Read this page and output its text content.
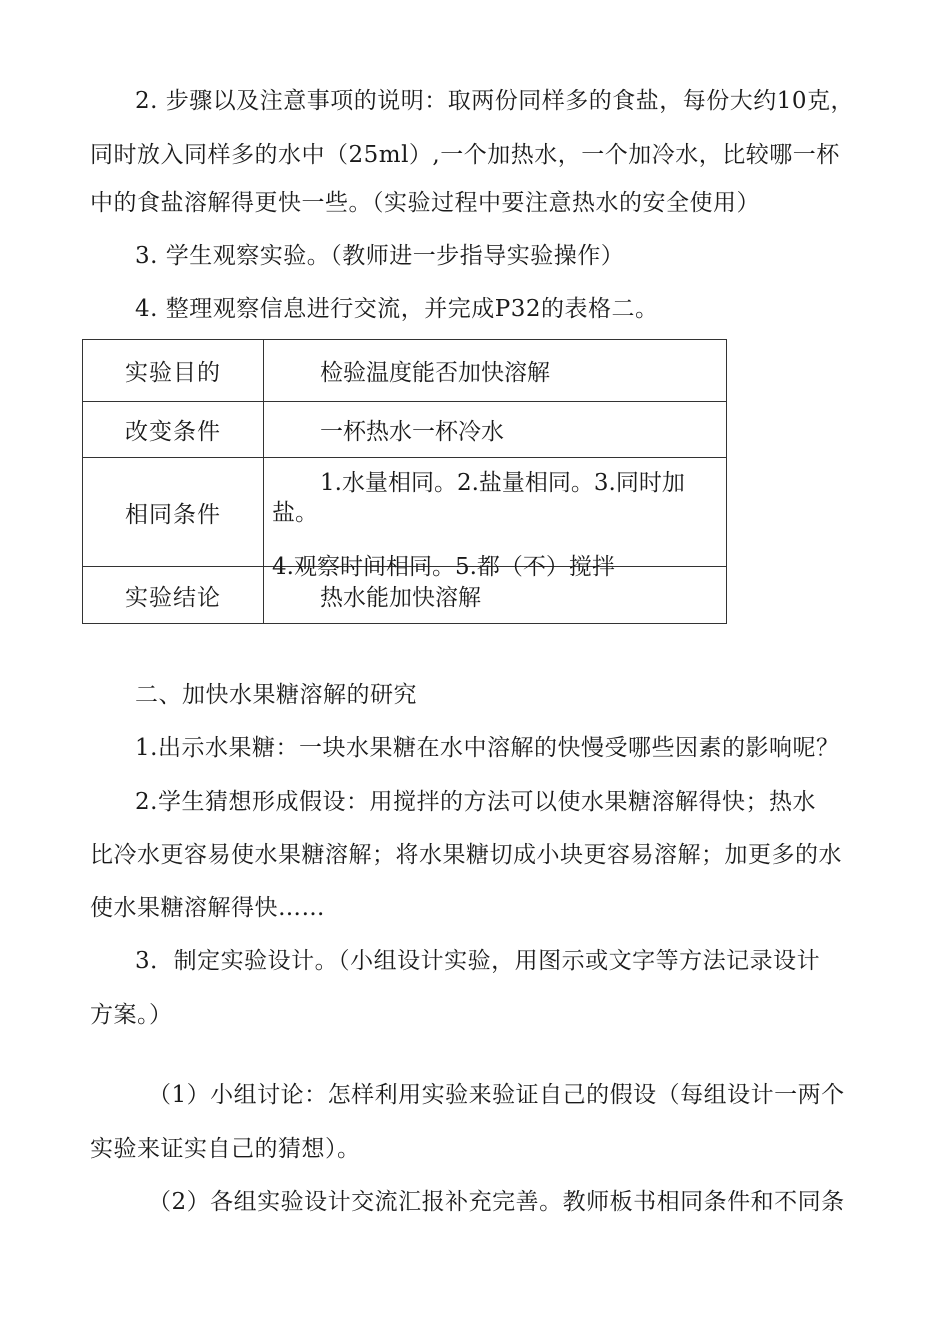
2. 步骤以及注意事项的说明：取两份同样多的食盐，每份大约10克，
同时放入同样多的水中（25ml）,一个加热水，一个加冷水，比较哪一杯
中的食盐溶解得更快一些。（实验过程中要注意热水的安全使用）
3. 学生观察实验。（教师进一步指导实验操作）
4. 整理观察信息进行交流，并完成P32的表格二。
实验目的	检验温度能否加快溶解
改变条件	一杯热水一杯冷水
相同条件	1.水量相同。2.盐量相同。3.同时加
盐。
4.观察时间相同。5.都（不）搅拌

实验结论	热水能加快溶解
二、加快水果糖溶解的研究
1.出示水果糖：一块水果糖在水中溶解的快慢受哪些因素的影响呢？
2.学生猜想形成假设：用搅拌的方法可以使水果糖溶解得快；热水
比冷水更容易使水果糖溶解；将水果糖切成小块更容易溶解；加更多的水
使水果糖溶解得快……
3．制定实验设计。（小组设计实验，用图示或文字等方法记录设计
方案。）
（1）小组讨论：怎样利用实验来验证自己的假设（每组设计一两个
实验来证实自己的猜想）。
（2）各组实验设计交流汇报补充完善。教师板书相同条件和不同条
